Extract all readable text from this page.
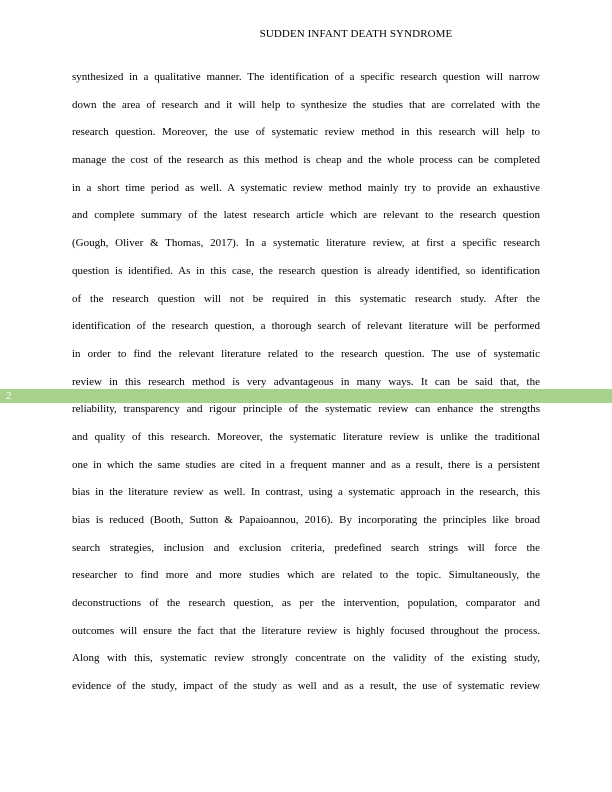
SUDDEN INFANT DEATH SYNDROME
2
synthesized in a qualitative manner. The identification of a specific research question will narrow
down the area of research and it will help to synthesize the studies that are correlated with the
research question. Moreover, the use of systematic review method in this research will help to
manage the cost of the research as this method is cheap and the whole process can be completed
in a short time period as well. A systematic review method mainly try to provide an exhaustive
and complete summary of the latest research article which are relevant to the research question
(Gough, Oliver & Thomas, 2017). In a systematic literature review, at first a specific research
question is identified. As in this case, the research question is already identified, so identification
of the research question will not be required in this systematic research study. After the
identification of the research question, a thorough search of relevant literature will be performed
in order to find the relevant literature related to the research question. The use of systematic
review in this research method is very advantageous in many ways. It can be said that, the
reliability, transparency and rigour principle of the systematic review can enhance the strengths
and quality of this research. Moreover, the systematic literature review is unlike the traditional
one in which the same studies are cited in a frequent manner and as a result, there is a persistent
bias in the literature review as well. In contrast, using a systematic approach in the research, this
bias is reduced (Booth, Sutton & Papaioannou, 2016). By incorporating the principles like broad
search strategies, inclusion and exclusion criteria, predefined search strings will force the
researcher to find more and more studies which are related to the topic. Simultaneously, the
deconstructions of the research question, as per the intervention, population, comparator and
outcomes will ensure the fact that the literature review is highly focused throughout the process.
Along with this, systematic review strongly concentrate on the validity of the existing study,
evidence of the study, impact of the study as well and as a result, the use of systematic review
